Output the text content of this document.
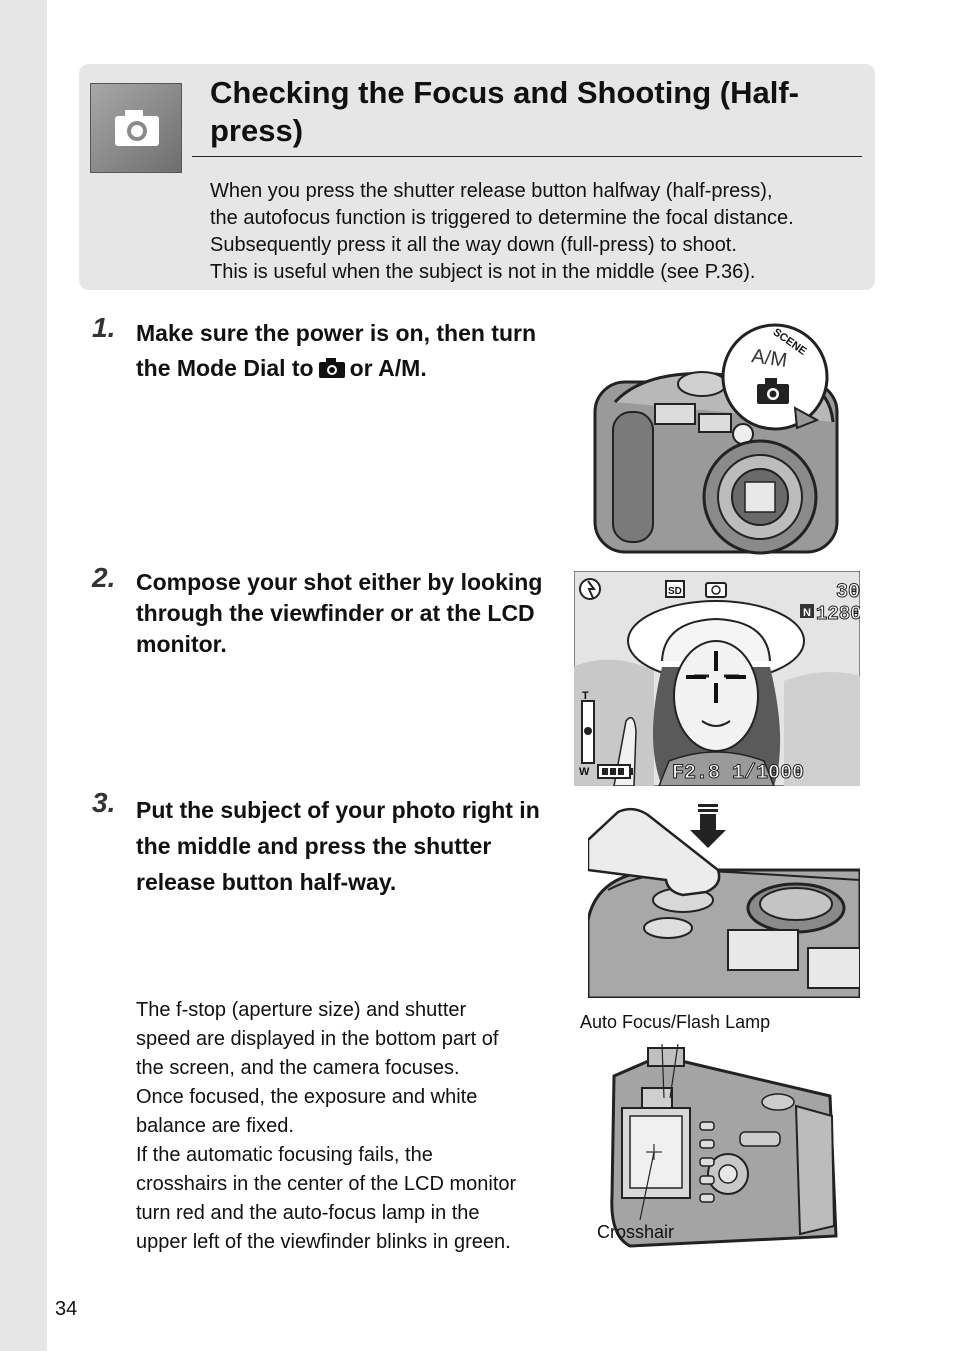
Checking the Focus and Shooting (Half-press)

When you press the shutter release button halfway (half-press),

the autofocus function is triggered to determine the focal distance.

Subsequently press it all the way down (full-press) to shoot.

This is useful when the subject is not in the middle (see P.36).

1. Make sure the power is on, then turn the Mode Dial to or A/M.	A/M
SCENE
2. Compose your shot either by looking through the viewfinder or at the LCD monitor.

SD	30
N 1280
T
W	F2.8 1/1000
3. Put the subject of your photo right in the middle and press the shutter release button half-way.

The f-stop (aperture size) and shutter

speed are displayed in the bottom part of

the screen, and the camera focuses.

Once focused, the exposure and white

balance are fixed.

If the automatic focusing fails, the

crosshairs in the center of the LCD monitor

turn red and the auto-focus lamp in the

upper left of the viewfinder blinks in green.

Auto Focus/Flash Lamp
Crosshair
34
